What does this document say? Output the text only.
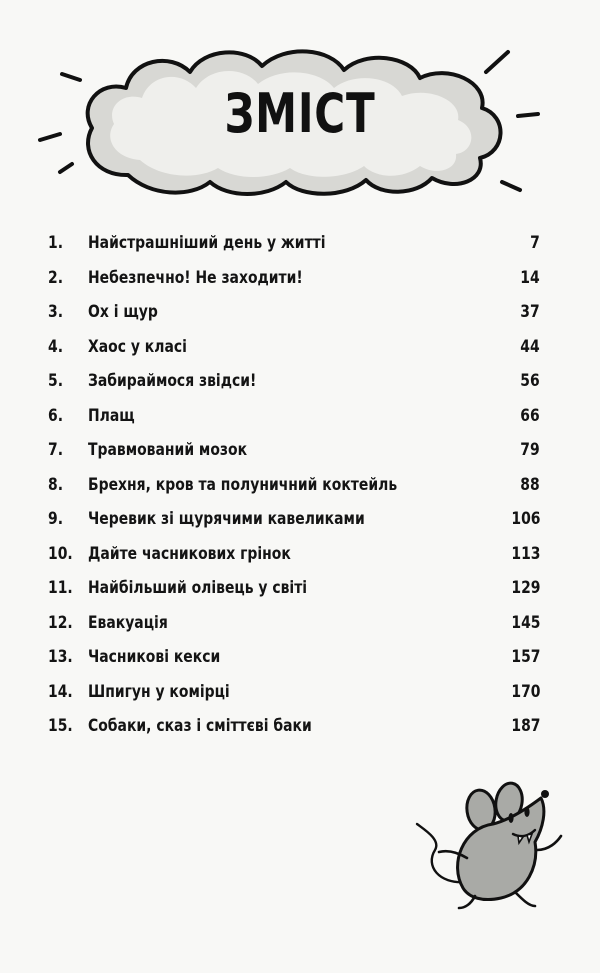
ЗМІСТ
1. Найстрашніший день у житті	7
2. Небезпечно! Не заходити!	14
3. Ох і щур	37
4. Хаос у класі	44
5. Забираймося звідси!	56
6. Плащ	66
7. Травмований мозок	79
8. Брехня, кров та полуничний коктейль	88
9. Черевик зі щурячими кавеликами	106
10. Дайте часникових грінок	113
11. Найбільший олівець у світі	129
12. Евакуація	145
13. Часникові кекси	157
14. Шпигун у комірці	170
15. Собаки, сказ і сміттєві баки	187
